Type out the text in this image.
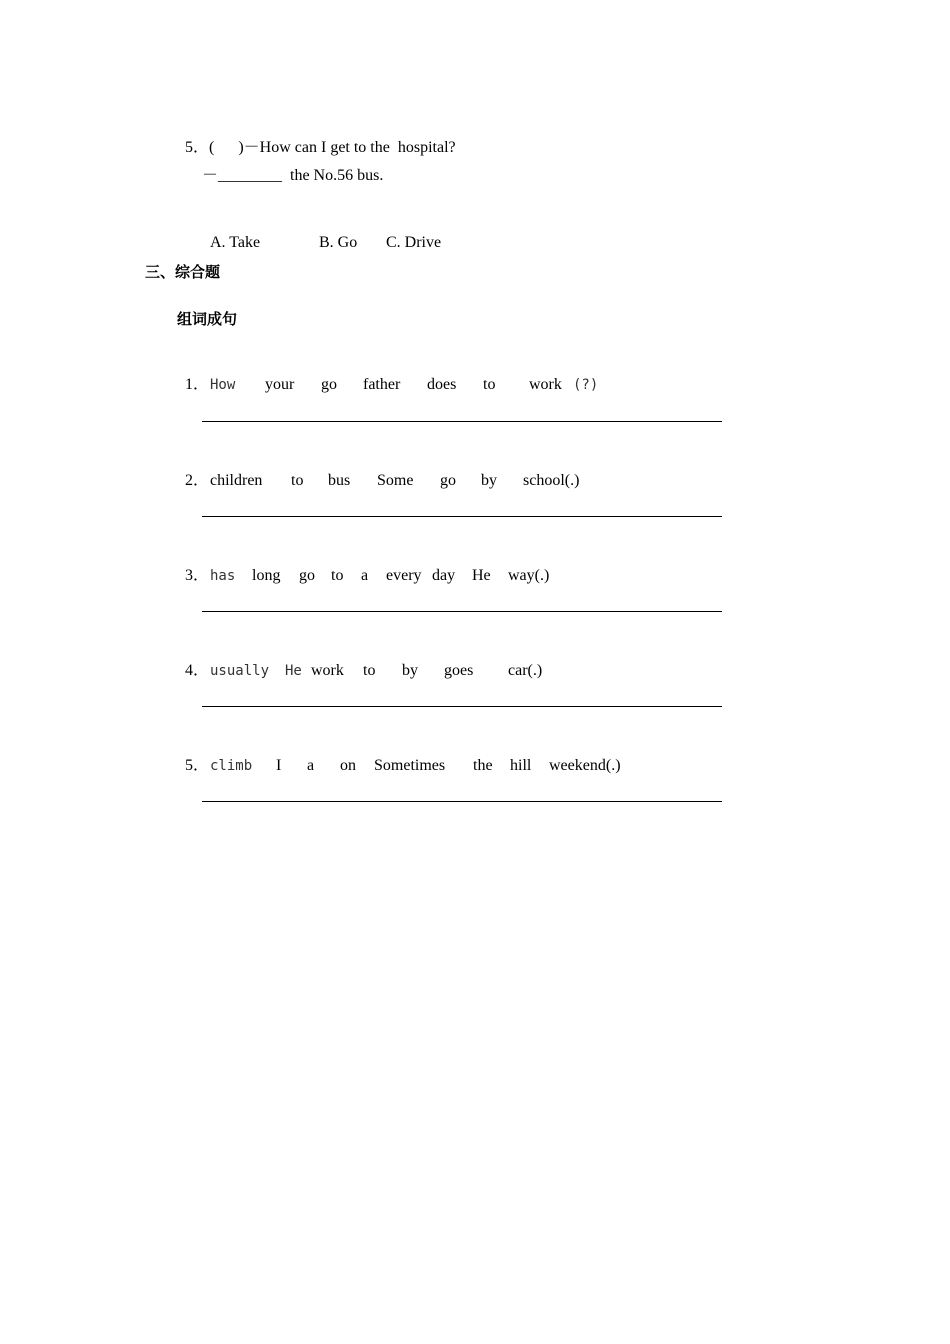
5．(      )－How can I get to the  hospital?

－________  the No.56 bus.

A. Take	B. Go C. Drive

三、综合题
组词成句

1．How your go father does to work (?)

2．children to bus Some go by school(.)

3．has long go to a every day He way(.)

4．usually He work to by goes car(.)

5．climb I a on Sometimes the hill weekend(.)
